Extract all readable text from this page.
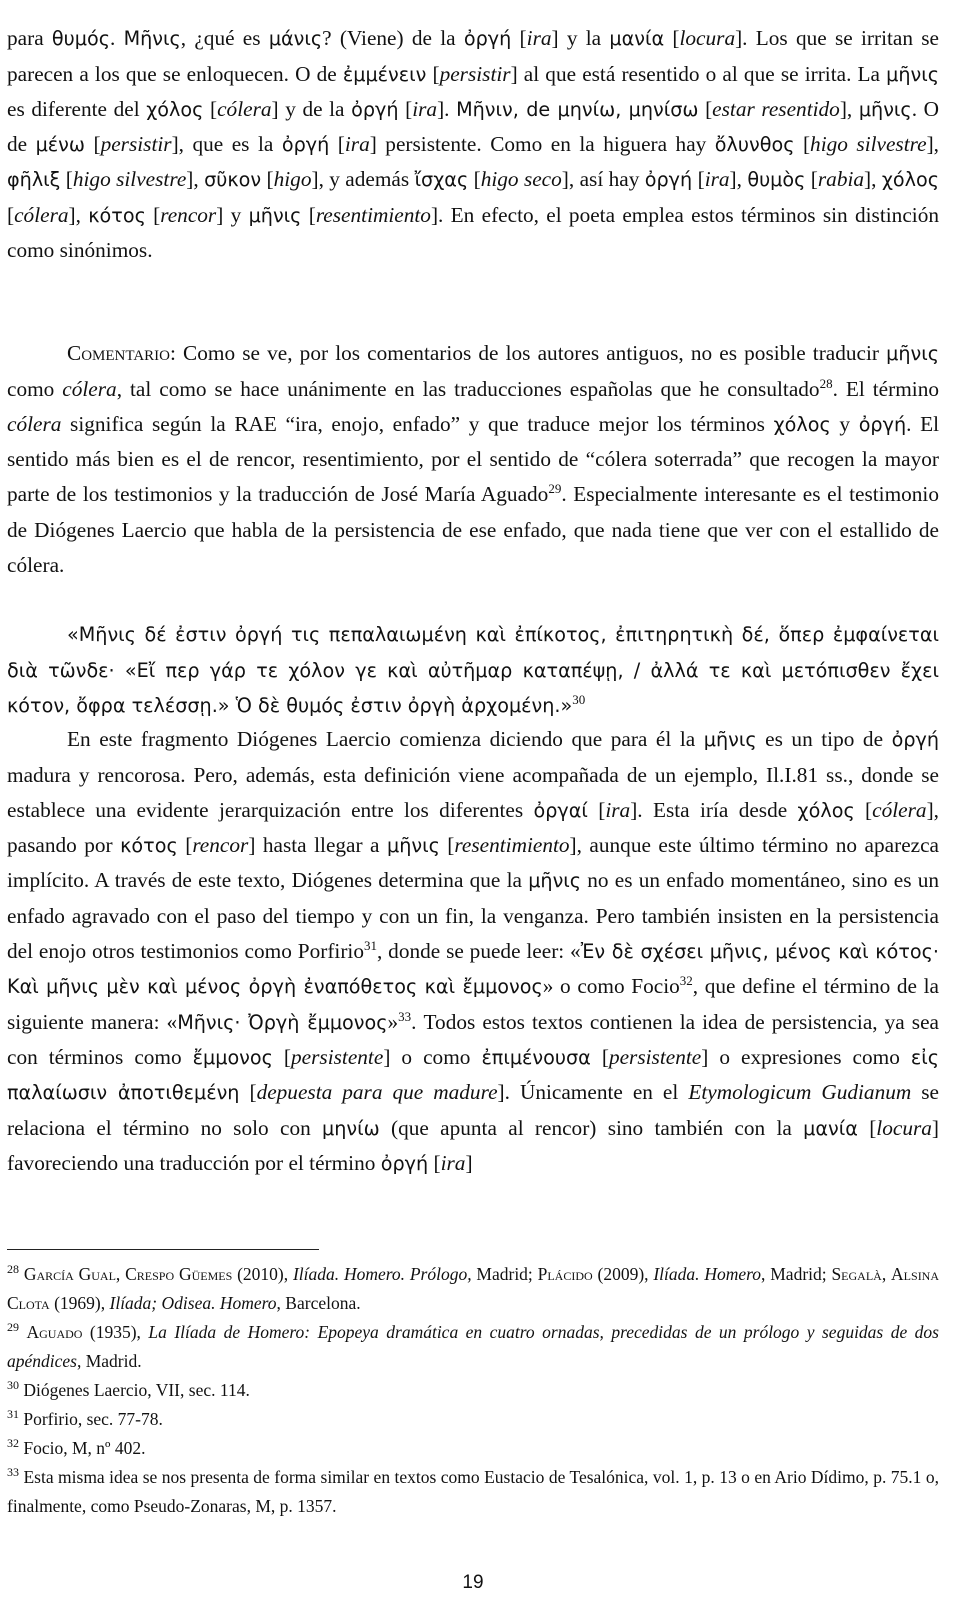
para θυμός. Μῆνις, ¿qué es μάνις? (Viene) de la ὀργή [ira] y la μανία [locura]. Los que se irritan se parecen a los que se enloquecen. O de ἐμμένειν [persistir] al que está resentido o al que se irrita. La μῆνις es diferente del χόλος [cólera] y de la ὀργή [ira]. Μῆνιν, de μηνίω, μηνίσω [estar resentido], μῆνις. O de μένω [persistir], que es la ὀργή [ira] persistente. Como en la higuera hay ὄλυνθος [higo silvestre], φῆλιξ [higo silvestre], σῦκον [higo], y además ἴσχας [higo seco], así hay ὀργή [ira], θυμὸς [rabia], χόλος [cólera], κότος [rencor] y μῆνις [resentimiento]. En efecto, el poeta emplea estos términos sin distinción como sinónimos.

Comentario: Como se ve, por los comentarios de los autores antiguos, no es posible traducir μῆνις como cólera, tal como se hace unánimente en las traducciones españolas que he consultado$^{28}$. El término cólera significa según la RAE “ira, enojo, enfado” y que traduce mejor los términos χόλος y ὀργή. El sentido más bien es el de rencor, resentimiento, por el sentido de “cólera soterrada” que recogen la mayor parte de los testimonios y la traducción de José María Aguado$^{29}$. Especialmente interesante es el testimonio de Diógenes Laercio que habla de la persistencia de ese enfado, que nada tiene que ver con el estallido de cólera.

«Μῆνις δέ ἐστιν ὀργή τις πεπαλαιωμένη καὶ ἐπίκοτος, ἐπιτηρητικὴ δέ, ὅπερ ἐμφαίνεται διὰ τῶνδε· «Εἴ περ γάρ τε χόλον γε καὶ αὐτῆμαρ καταπέψῃ, / ἀλλά τε καὶ μετόπισθεν ἔχει κότον, ὄφρα τελέσσῃ.» Ὁ δὲ θυμός ἐστιν ὀργὴ ἀρχομένη.»$^{30}$

En este fragmento Diógenes Laercio comienza diciendo que para él la μῆνις es un tipo de ὀργή madura y rencorosa. Pero, además, esta definición viene acompañada de un ejemplo, Il.I.81 ss., donde se establece una evidente jerarquización entre los diferentes ὀργαί [ira]. Esta iría desde χόλος [cólera], pasando por κότος [rencor] hasta llegar a μῆνις [resentimiento], aunque este último término no aparezca implícito. A través de este texto, Diógenes determina que la μῆνις no es un enfado momentáneo, sino es un enfado agravado con el paso del tiempo y con un fin, la venganza. Pero también insisten en la persistencia del enojo otros testimonios como Porfirio$^{31}$, donde se puede leer: «Ἐν δὲ σχέσει μῆνις, μένος καὶ κότος· Καὶ μῆνις μὲν καὶ μένος ὀργὴ ἐναπόθετος καὶ ἔμμονος» o como Focio$^{32}$, que define el término de la siguiente manera: «Μῆνις· Ὀργὴ ἔμμονος»$^{33}$. Todos estos textos contienen la idea de persistencia, ya sea con términos como ἔμμονος [persistente] o como ἐπιμένουσα [persistente] o expresiones como εἰς παλαίωσιν ἀποτιθεμένη [depuesta para que madure]. Únicamente en el Etymologicum Gudianum se relaciona el término no solo con μηνίω (que apunta al rencor) sino también con la μανία [locura] favoreciendo una traducción por el término ὀργή [ira]

$^{28}$ García Gual, Crespo Güemes (2010), Ilíada. Homero. Prólogo, Madrid; Plácido (2009), Ilíada. Homero, Madrid; Segalà, Alsina Clota (1969), Ilíada; Odisea. Homero, Barcelona.

$^{29}$ Aguado (1935), La Ilíada de Homero: Epopeya dramática en cuatro ornadas, precedidas de un prólogo y seguidas de dos apéndices, Madrid.

$^{30}$ Diógenes Laercio, VII, sec. 114.

$^{31}$ Porfirio, sec. 77-78.

$^{32}$ Focio, M, nº 402.

$^{33}$ Esta misma idea se nos presenta de forma similar en textos como Eustacio de Tesalónica, vol. 1, p. 13 o en Ario Dídimo, p. 75.1 o, finalmente, como Pseudo-Zonaras, M, p. 1357.

19
